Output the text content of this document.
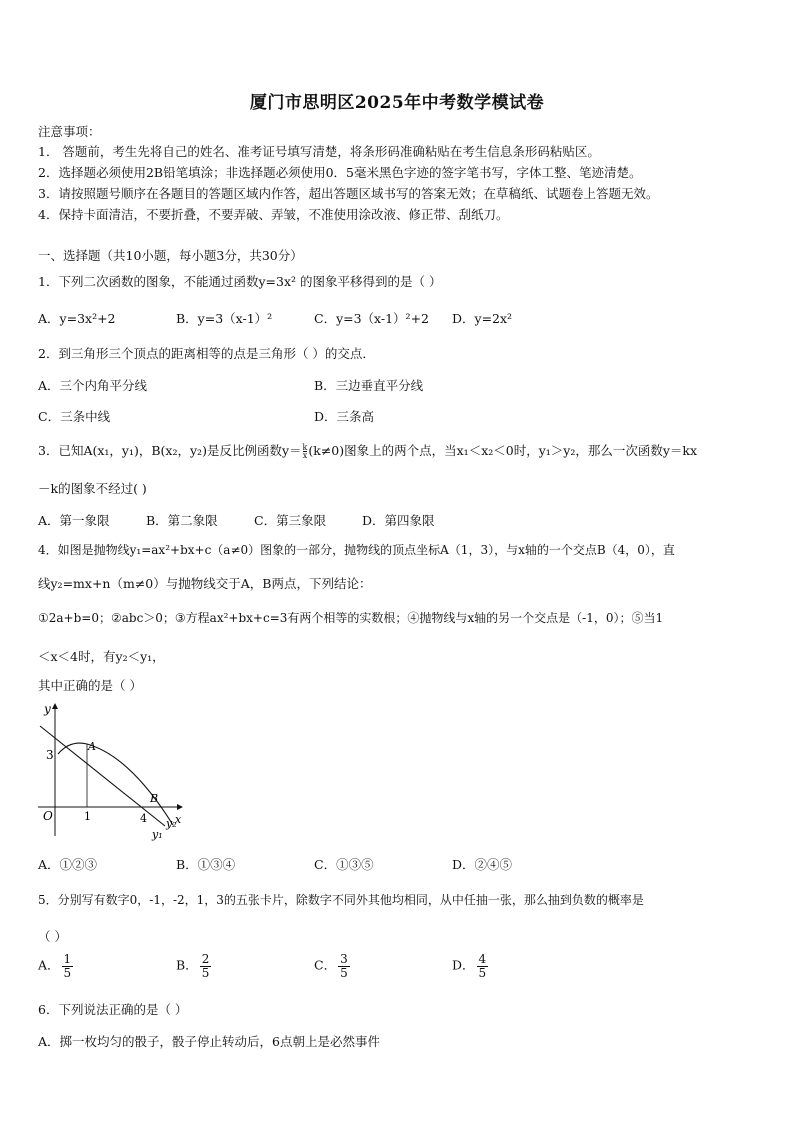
厦门市思明区2025年中考数学模试卷
注意事项：
1． 答题前，考生先将自己的姓名、准考证号填写清楚，将条形码准确粘贴在考生信息条形码粘贴区。
2．选择题必须使用2B铅笔填涂；非选择题必须使用0．5毫米黑色字迹的签字笔书写，字体工整、笔迹清楚。
3．请按照题号顺序在各题目的答题区域内作答，超出答题区域书写的答案无效；在草稿纸、试题卷上答题无效。
4．保持卡面清洁，不要折叠，不要弄破、弄皱，不准使用涂改液、修正带、刮纸刀。
一、选择题（共10小题，每小题3分，共30分）
1．下列二次函数的图象，不能通过函数y=3x² 的图象平移得到的是（ ）
A．y=3x²+2	B．y=3（x-1）²	C．y=3（x-1）²+2 D．y=2x²
2．到三角形三个顶点的距离相等的点是三角形（ ）的交点．
A．三个内角平分线	B．三边垂直平分线
C．三条中线	D．三条高
3．已知A(x₁，y₁)，B(x₂，y₂)是反比例函数$y= \frac{k}{x} (k\ne 0)$图象上的两个点，当x₁＜x₂＜0时，y₁＞y₂，那么一次函数y＝kx
－k的图象不经过( )
A．第一象限	B．第二象限	C．第三象限	D．第四象限
4．如图是抛物线y₁=ax²+bx+c（a≠0）图象的一部分，抛物线的顶点坐标A（1，3），与x轴的一个交点B（4，0），直
线y₂=mx+n（m≠0）与抛物线交于A，B两点，下列结论：
①2a+b=0；②abc＞0；③方程ax²+bx+c=3有两个相等的实数根；④抛物线与x轴的另一个交点是（-1，0）；⑤当1
＜x＜4时，有y₂＜y₁，
其中正确的是（ ）
y
x
O
3
1	4
A
B
y₁
y₂
A．①②③	B．①③④	C．①③⑤	D．②④⑤
5．分别写有数字0，-1，-2，1，3的五张卡片，除数字不同外其他均相同，从中任抽一张，那么抽到负数的概率是
（ ）
A． $\frac{1}{5}$	B． $\frac{2}{5}$	C． $\frac{3}{5}$	D． $\frac{4}{5}$
6．下列说法正确的是（ ）
A．掷一枚均匀的骰子，骰子停止转动后，6点朝上是必然事件
